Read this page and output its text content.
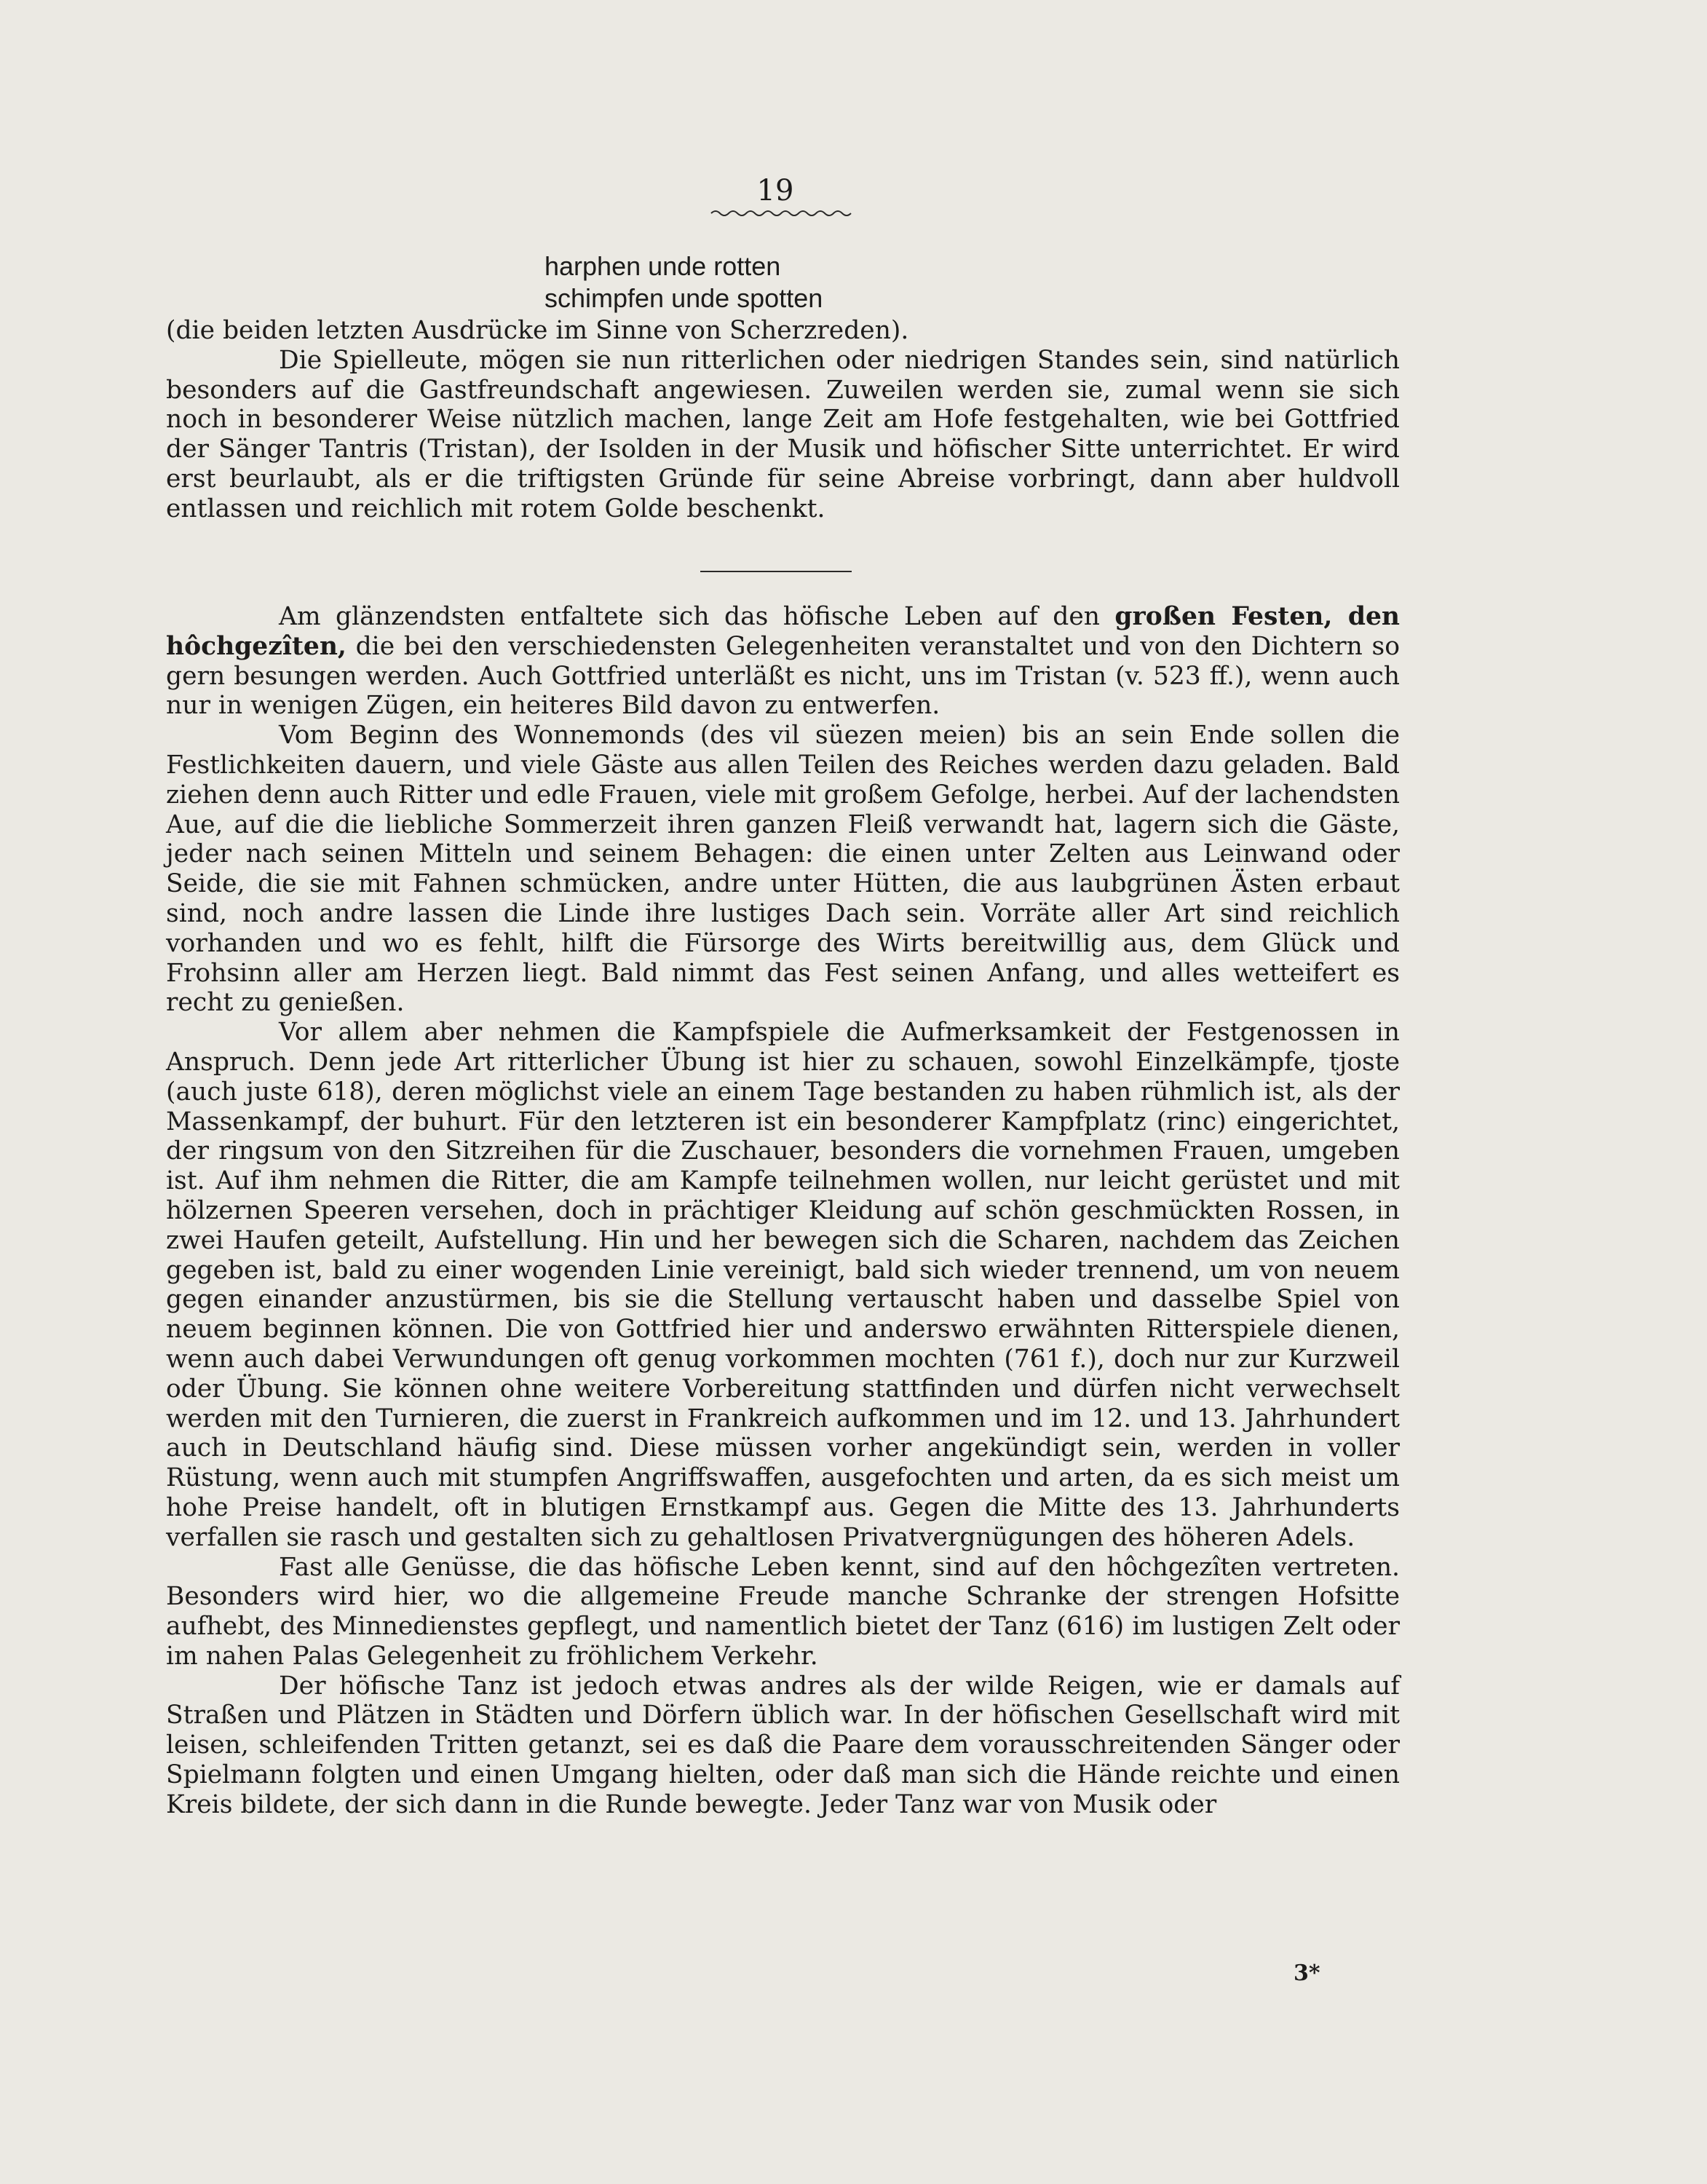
19
harphen unde rotten
schimpfen unde spotten

(die beiden letzten Ausdrücke im Sinne von Scherzreden).

Die Spielleute, mögen sie nun ritterlichen oder niedrigen Standes sein, sind natürlich besonders auf die Gastfreundschaft angewiesen. Zuweilen werden sie, zumal wenn sie sich noch in besonderer Weise nützlich machen, lange Zeit am Hofe festgehalten, wie bei Gottfried der Sänger Tantris (Tristan), der Isolden in der Musik und höfischer Sitte unterrichtet. Er wird erst beurlaubt, als er die triftigsten Gründe für seine Abreise vorbringt, dann aber huldvoll entlassen und reichlich mit rotem Golde beschenkt.

Am glänzendsten entfaltete sich das höfische Leben auf den großen Festen, den hôchgezîten, die bei den verschiedensten Gelegenheiten veranstaltet und von den Dichtern so gern besungen werden. Auch Gottfried unterläßt es nicht, uns im Tristan (v. 523 ff.), wenn auch nur in wenigen Zügen, ein heiteres Bild davon zu entwerfen.

Vom Beginn des Wonnemonds (des vil süezen meien) bis an sein Ende sollen die Festlichkeiten dauern, und viele Gäste aus allen Teilen des Reiches werden dazu geladen. Bald ziehen denn auch Ritter und edle Frauen, viele mit großem Gefolge, herbei. Auf der lachendsten Aue, auf die die liebliche Sommerzeit ihren ganzen Fleiß verwandt hat, lagern sich die Gäste, jeder nach seinen Mitteln und seinem Behagen: die einen unter Zelten aus Leinwand oder Seide, die sie mit Fahnen schmücken, andre unter Hütten, die aus laubgrünen Ästen erbaut sind, noch andre lassen die Linde ihre lustiges Dach sein. Vorräte aller Art sind reichlich vorhanden und wo es fehlt, hilft die Fürsorge des Wirts bereitwillig aus, dem Glück und Frohsinn aller am Herzen liegt. Bald nimmt das Fest seinen Anfang, und alles wetteifert es recht zu genießen.

Vor allem aber nehmen die Kampfspiele die Aufmerksamkeit der Festgenossen in Anspruch. Denn jede Art ritterlicher Übung ist hier zu schauen, sowohl Einzelkämpfe, tjoste (auch juste 618), deren möglichst viele an einem Tage bestanden zu haben rühmlich ist, als der Massenkampf, der buhurt. Für den letzteren ist ein besonderer Kampfplatz (rinc) eingerichtet, der ringsum von den Sitzreihen für die Zuschauer, besonders die vornehmen Frauen, umgeben ist. Auf ihm nehmen die Ritter, die am Kampfe teilnehmen wollen, nur leicht gerüstet und mit hölzernen Speeren versehen, doch in prächtiger Kleidung auf schön geschmückten Rossen, in zwei Haufen geteilt, Aufstellung. Hin und her bewegen sich die Scharen, nachdem das Zeichen gegeben ist, bald zu einer wogenden Linie vereinigt, bald sich wieder trennend, um von neuem gegen einander anzustürmen, bis sie die Stellung vertauscht haben und dasselbe Spiel von neuem beginnen können. Die von Gottfried hier und anderswo erwähnten Ritterspiele dienen, wenn auch dabei Verwundungen oft genug vorkommen mochten (761 f.), doch nur zur Kurzweil oder Übung. Sie können ohne weitere Vorbereitung stattfinden und dürfen nicht verwechselt werden mit den Turnieren, die zuerst in Frankreich aufkommen und im 12. und 13. Jahrhundert auch in Deutschland häufig sind. Diese müssen vorher angekündigt sein, werden in voller Rüstung, wenn auch mit stumpfen Angriffswaffen, ausgefochten und arten, da es sich meist um hohe Preise handelt, oft in blutigen Ernstkampf aus. Gegen die Mitte des 13. Jahrhunderts verfallen sie rasch und gestalten sich zu gehaltlosen Privatvergnügungen des höheren Adels.

Fast alle Genüsse, die das höfische Leben kennt, sind auf den hôchgezîten vertreten. Besonders wird hier, wo die allgemeine Freude manche Schranke der strengen Hofsitte aufhebt, des Minnedienstes gepflegt, und namentlich bietet der Tanz (616) im lustigen Zelt oder im nahen Palas Gelegenheit zu fröhlichem Verkehr.

Der höfische Tanz ist jedoch etwas andres als der wilde Reigen, wie er damals auf Straßen und Plätzen in Städten und Dörfern üblich war. In der höfischen Gesellschaft wird mit leisen, schleifenden Tritten getanzt, sei es daß die Paare dem vorausschreitenden Sänger oder Spielmann folgten und einen Umgang hielten, oder daß man sich die Hände reichte und einen Kreis bildete, der sich dann in die Runde bewegte. Jeder Tanz war von Musik oder

3*
